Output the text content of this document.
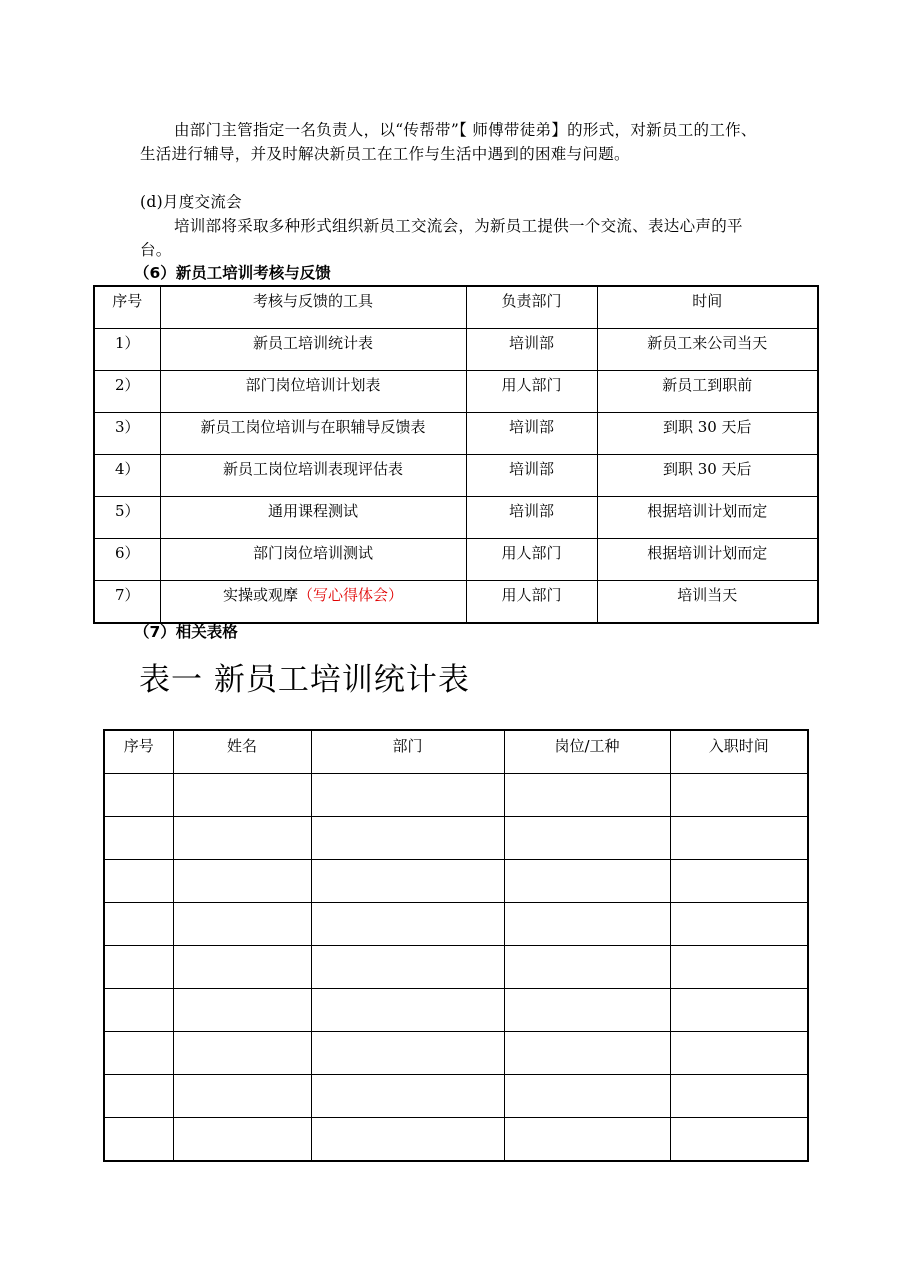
由部门主管指定一名负责人，以“传帮带”【 师傅带徒弟】的形式，对新员工的工作、生活进行辅导，并及时解决新员工在工作与生活中遇到的困难与问题。
(d)月度交流会
培训部将采取多种形式组织新员工交流会，为新员工提供一个交流、表达心声的平台。
（6）新员工培训考核与反馈
序号	考核与反馈的工具	负责部门	时间
1）	新员工培训统计表	培训部	新员工来公司当天
2）	部门岗位培训计划表	用人部门	新员工到职前
3）	新员工岗位培训与在职辅导反馈表	培训部	到职 30 天后
4）	新员工岗位培训表现评估表	培训部	到职 30 天后
5）	通用课程测试	培训部	根据培训计划而定
6）	部门岗位培训测试	用人部门	根据培训计划而定
7）	实操或观摩（写心得体会）	用人部门	培训当天
（7）相关表格
表一 新员工培训统计表
序号	姓名	部门	岗位/工种	入职时间
